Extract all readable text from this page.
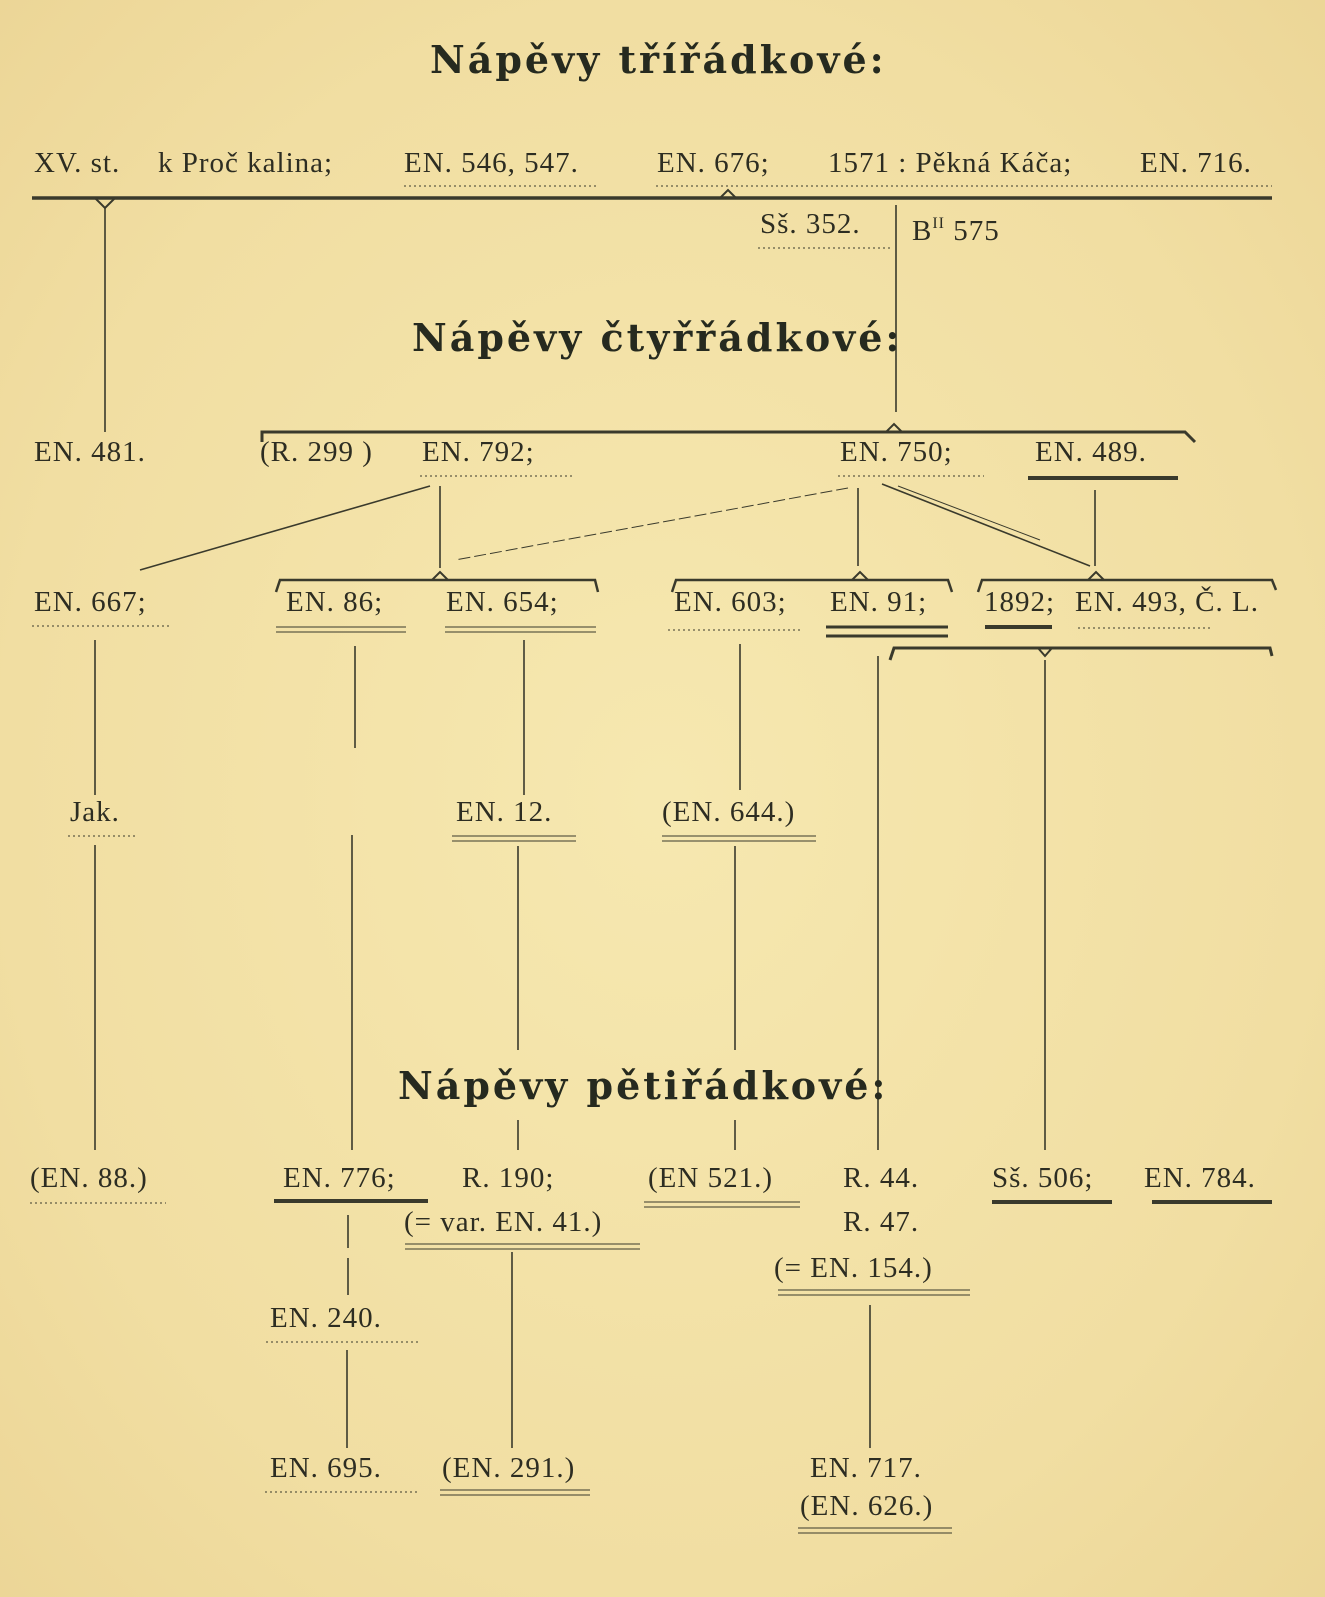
Nápěvy třířádkové:
Nápěvy čtyřřádkové:
Nápěvy pětiřádkové:
XV. st. k Proč kalina; EN. 546, 547.	EN. 676; 1571 : Pěkná Káča; EN. 716.
Sš. 352. $B^{II}$ 575
EN. 481.	(R. 299 ) EN. 792;	EN. 750;	EN. 489.
EN. 667;	EN. 86; EN. 654;	EN. 603; EN. 91; 1892; EN. 493, Č. L.
Jak.	EN. 12.	(EN. 644.)
(EN. 88.)	EN. 776; R. 190;	(EN 521.) R. 44.	Sš. 506; EN. 784.
(= var. EN. 41.)	R. 47.
(= EN. 154.)
EN. 240.
EN. 695. (EN. 291.)	EN. 717.
(EN. 626.)
